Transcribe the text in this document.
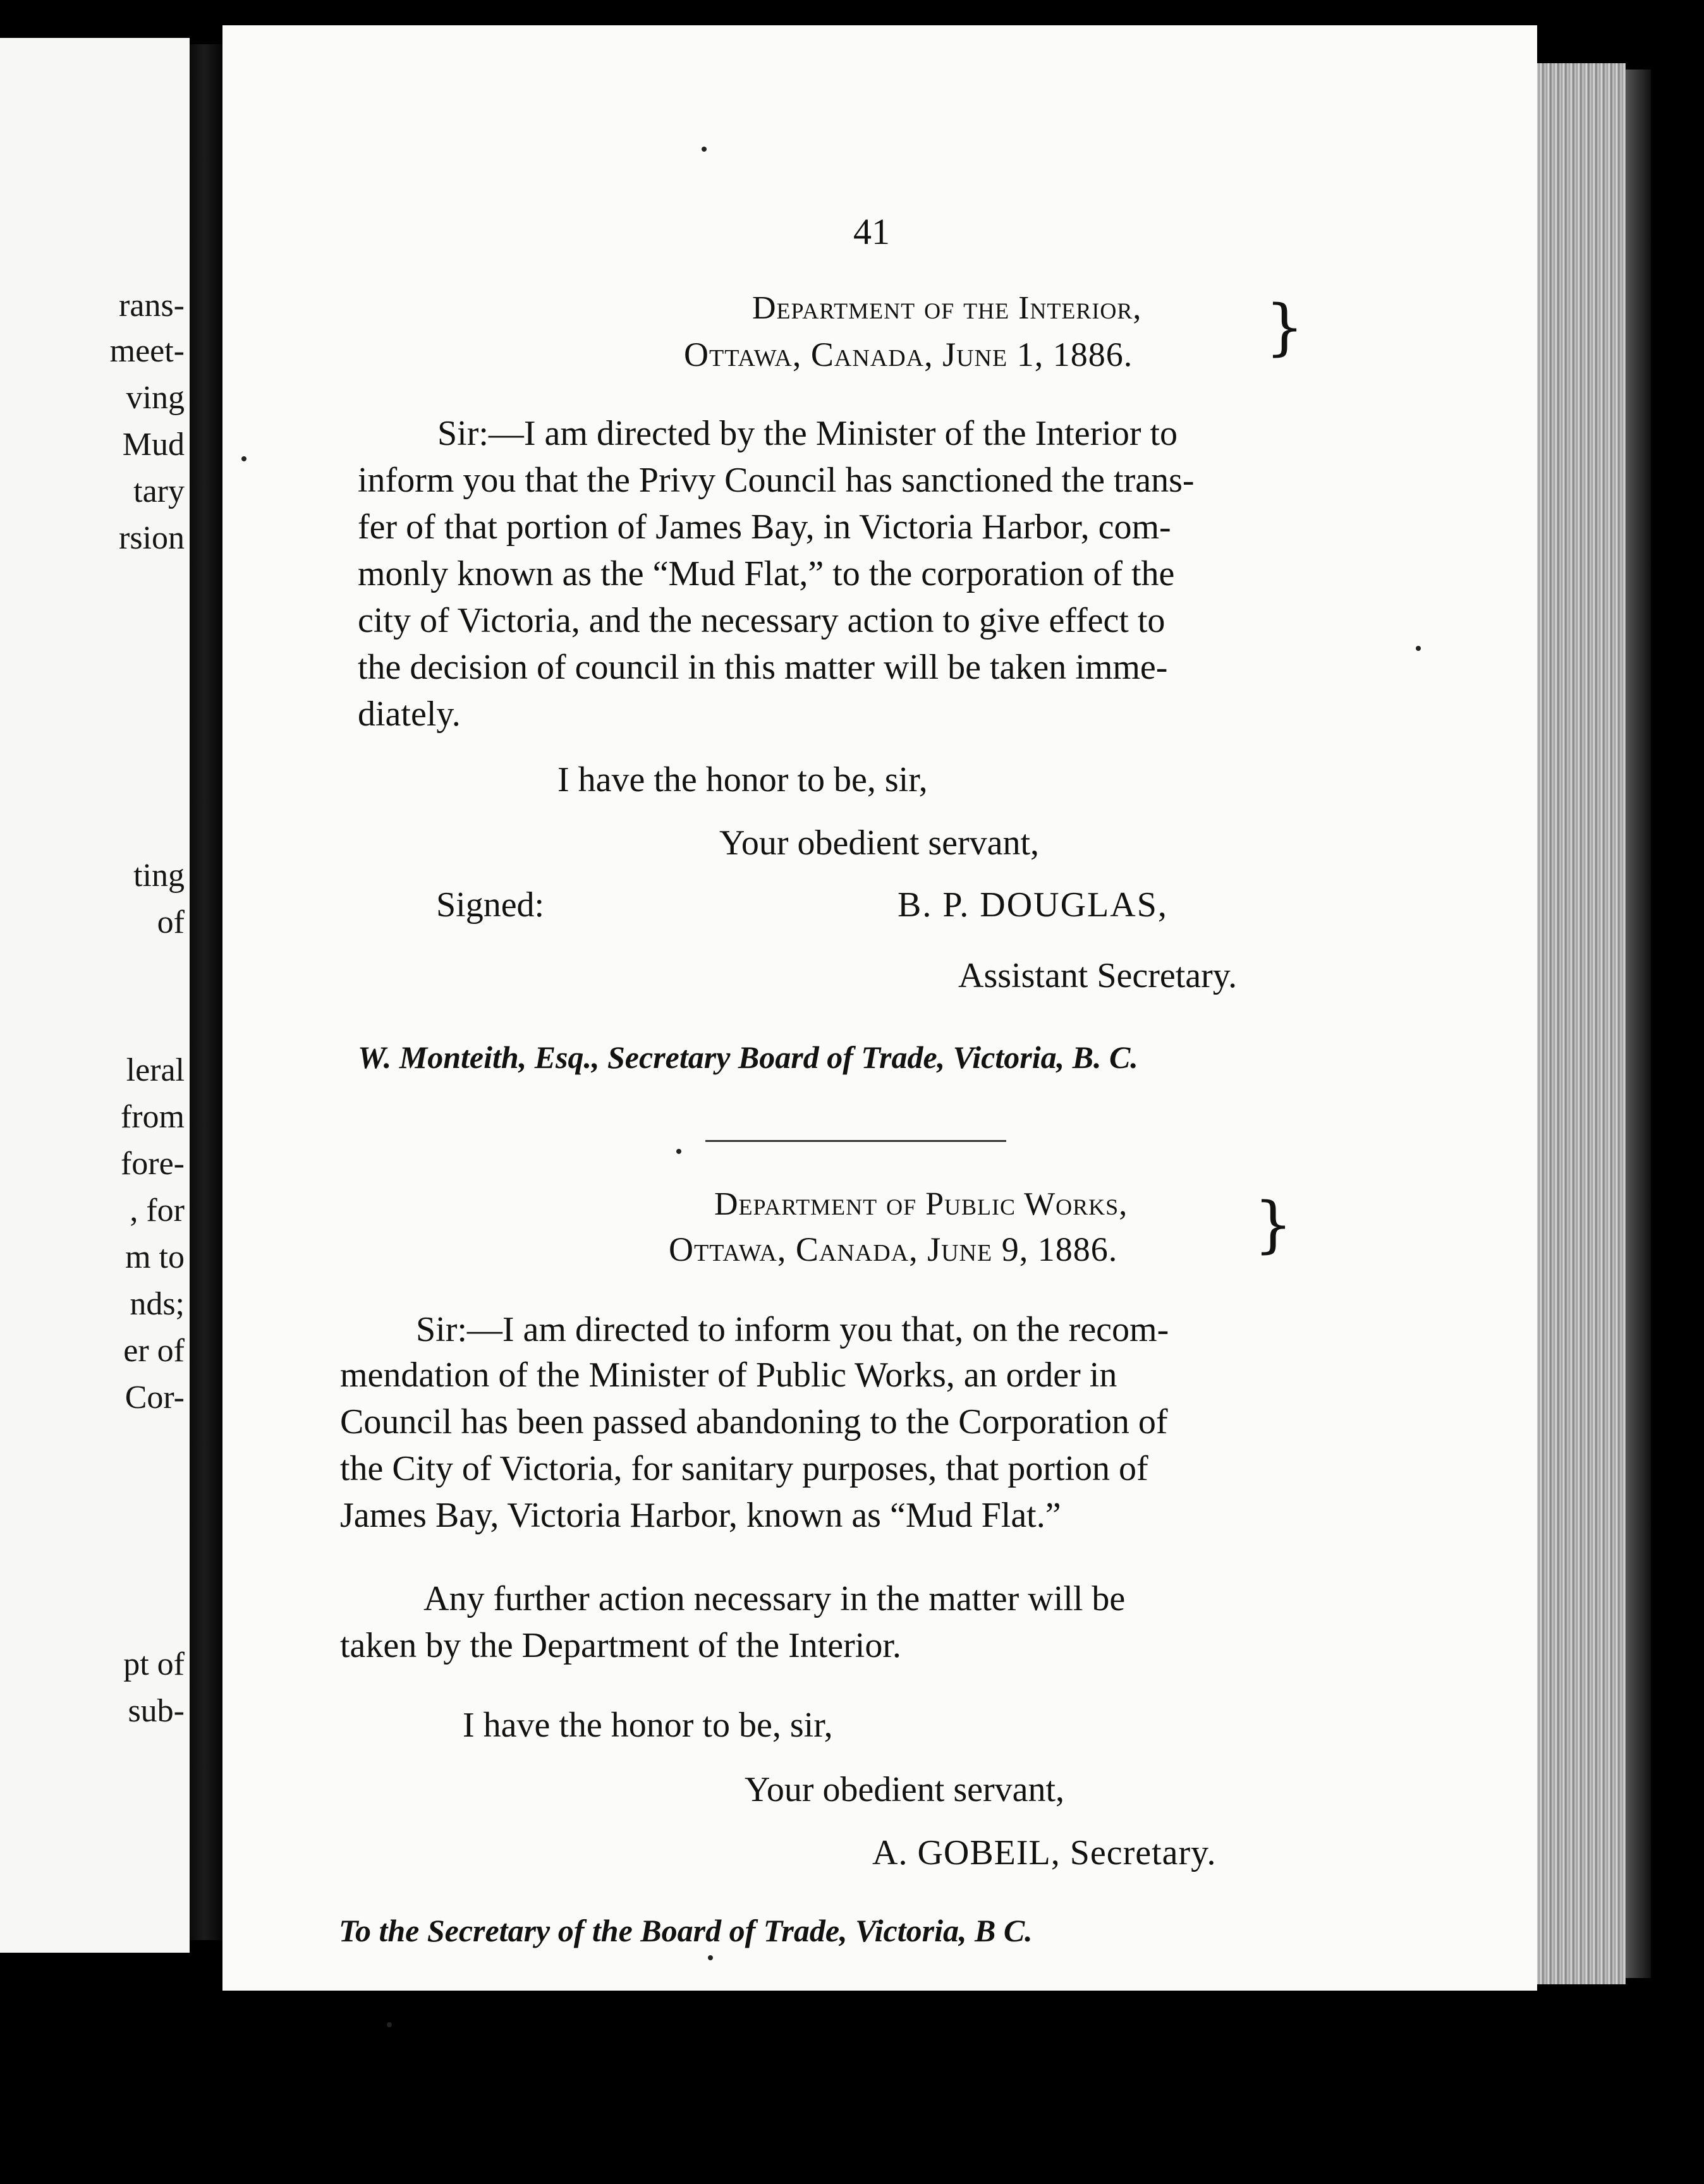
rans-
meet-
ving
Mud
tary
rsion
ting
of
leral
from
fore-
, for
m to
nds;
er of
Cor-
pt of
sub-
41
Department of the Interior,
Ottawa, Canada, June 1, 1886. }
Sir:—I am directed by the Minister of the Interior to
inform you that the Privy Council has sanctioned the trans-
fer of that portion of James Bay, in Victoria Harbor, com-
monly known as the “Mud Flat,” to the corporation of the
city of Victoria, and the necessary action to give effect to
the decision of council in this matter will be taken imme-
diately.
I have the honor to be, sir,
Your obedient servant,
Signed:	B. P. DOUGLAS,
Assistant Secretary.
W. Monteith, Esq., Secretary Board of Trade, Victoria, B. C.
Department of Public Works,
Ottawa, Canada, June 9, 1886. }
Sir:—I am directed to inform you that, on the recom-
mendation of the Minister of Public Works, an order in
Council has been passed abandoning to the Corporation of
the City of Victoria, for sanitary purposes, that portion of
James Bay, Victoria Harbor, known as “Mud Flat.”
Any further action necessary in the matter will be
taken by the Department of the Interior.
I have the honor to be, sir,
Your obedient servant,
A. GOBEIL, Secretary.
To the Secretary of the Board of Trade, Victoria, B C.
